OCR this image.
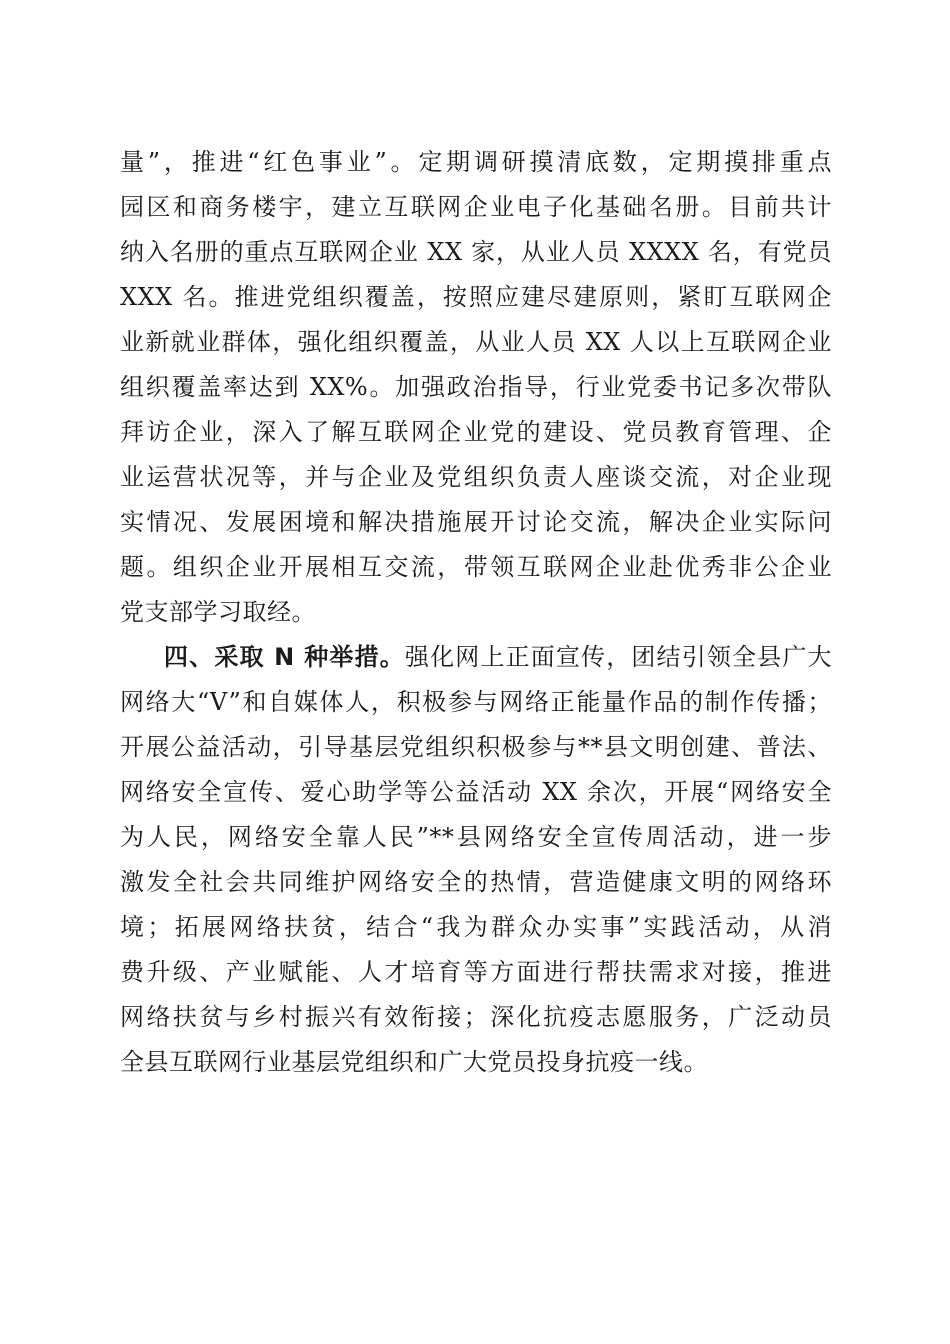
量”，推进“红色事业”。定期调研摸清底数，定期摸排重点
园区和商务楼宇，建立互联网企业电子化基础名册。目前共计
纳入名册的重点互联网企业 XX 家，从业人员 XXXX 名，有党员
XXX 名。推进党组织覆盖，按照应建尽建原则，紧盯互联网企
业新就业群体，强化组织覆盖，从业人员 XX 人以上互联网企业
组织覆盖率达到 XX%。加强政治指导，行业党委书记多次带队
拜访企业，深入了解互联网企业党的建设、党员教育管理、企
业运营状况等，并与企业及党组织负责人座谈交流，对企业现
实情况、发展困境和解决措施展开讨论交流，解决企业实际问
题。组织企业开展相互交流，带领互联网企业赴优秀非公企业
党支部学习取经。
四、采取 N 种举措。强化网上正面宣传，团结引领全县广大
网络大“V”和自媒体人，积极参与网络正能量作品的制作传播；
开展公益活动，引导基层党组织积极参与**县文明创建、普法、
网络安全宣传、爱心助学等公益活动 XX 余次，开展“网络安全
为人民，网络安全靠人民”**县网络安全宣传周活动，进一步
激发全社会共同维护网络安全的热情，营造健康文明的网络环
境；拓展网络扶贫，结合“我为群众办实事”实践活动，从消
费升级、产业赋能、人才培育等方面进行帮扶需求对接，推进
网络扶贫与乡村振兴有效衔接；深化抗疫志愿服务，广泛动员
全县互联网行业基层党组织和广大党员投身抗疫一线。
